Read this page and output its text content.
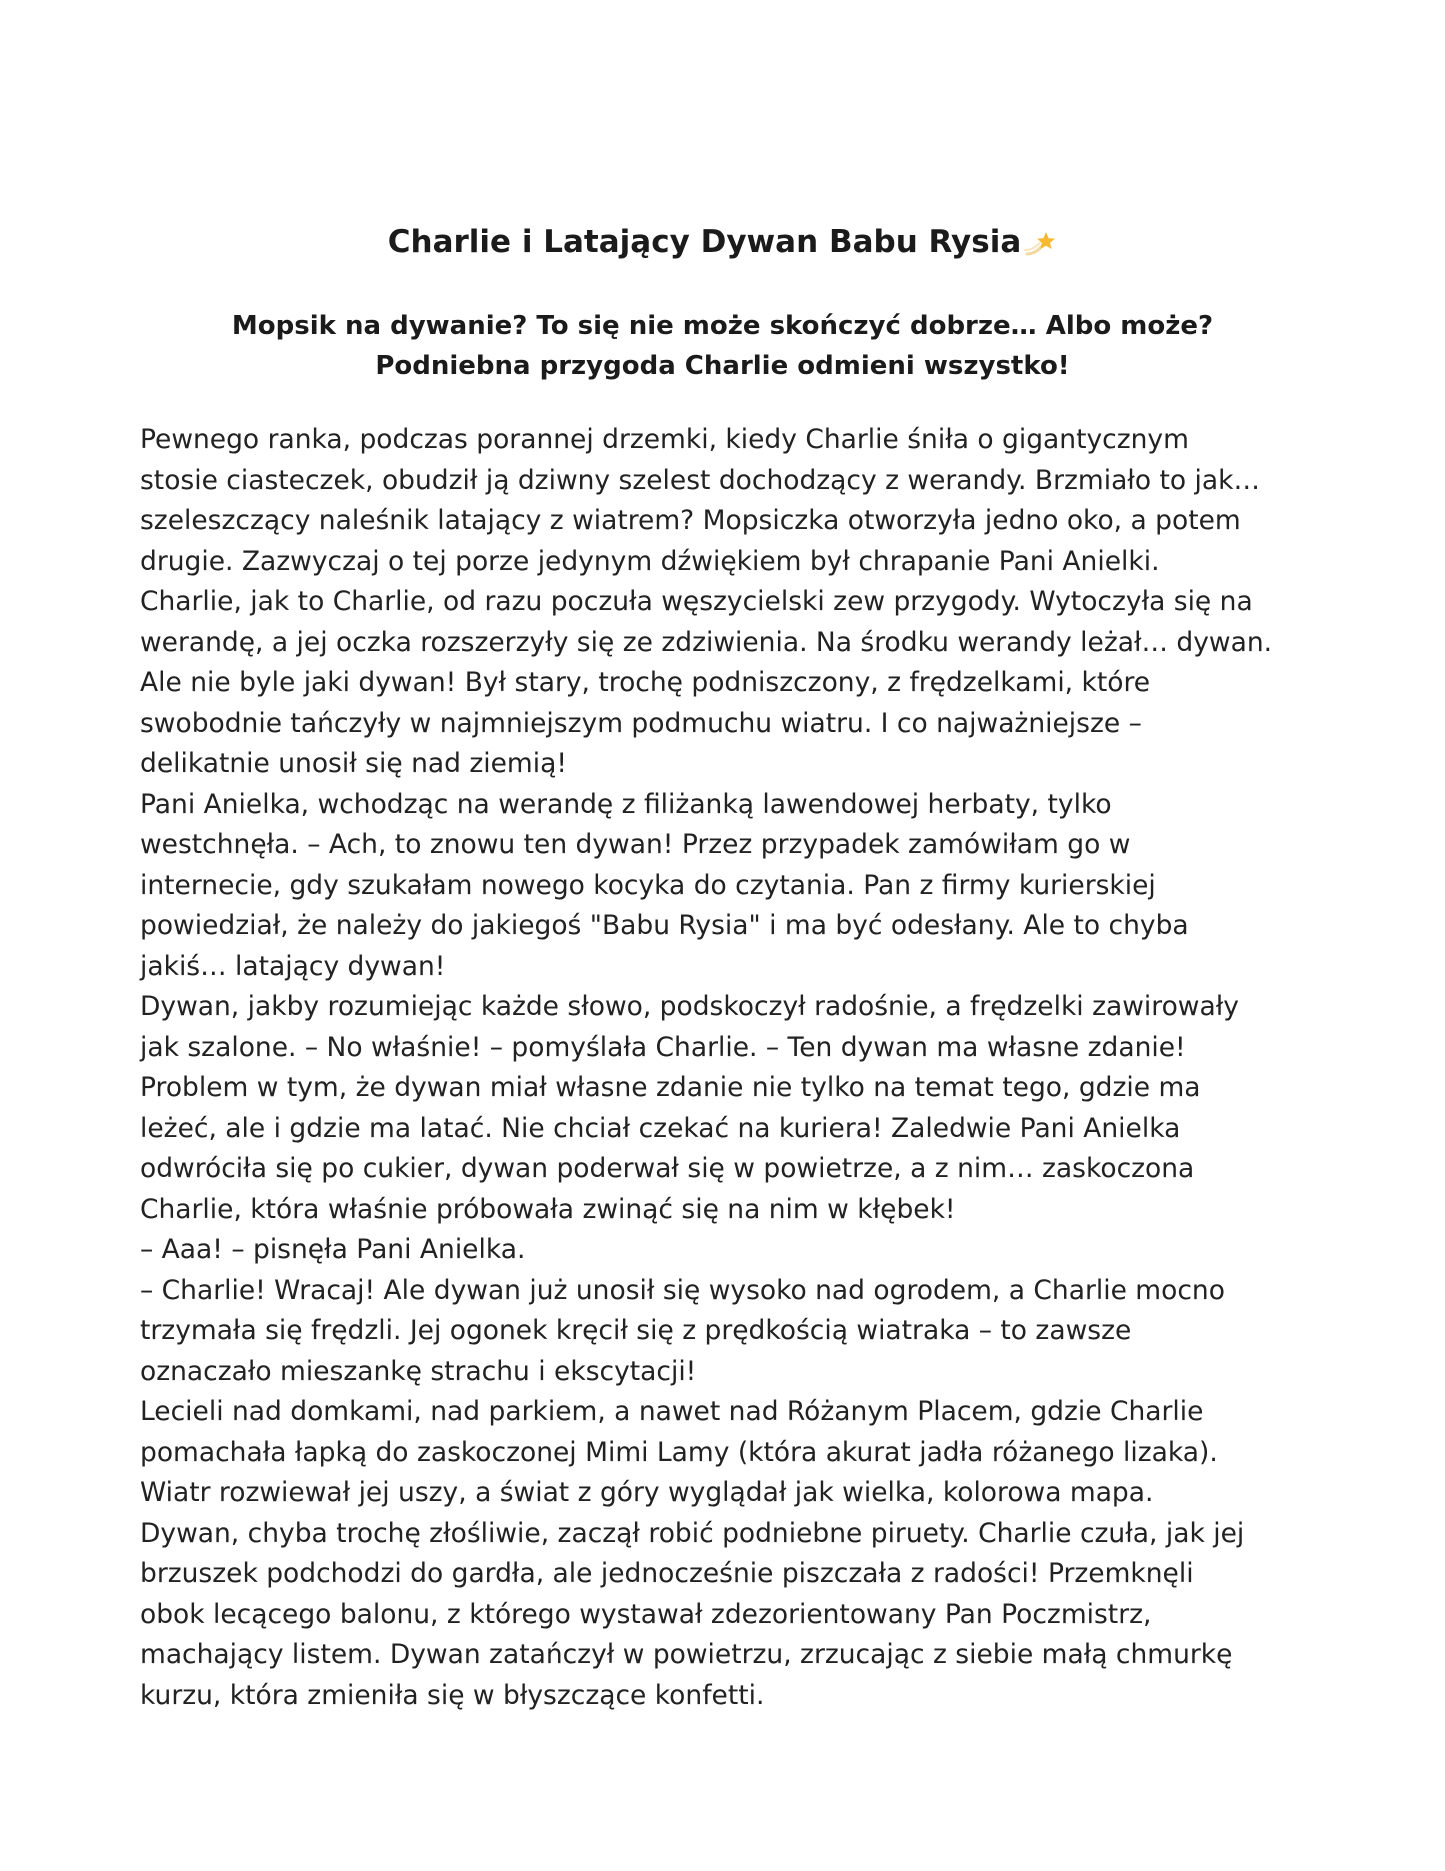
Charlie i Latający Dywan Babu Rysia
Mopsik na dywanie? To się nie może skończyć dobrze… Albo może? Podniebna przygoda Charlie odmieni wszystko!
Pewnego ranka, podczas porannej drzemki, kiedy Charlie śniła o gigantycznym
stosie ciasteczek, obudził ją dziwny szelest dochodzący z werandy. Brzmiało to jak…
szeleszczący naleśnik latający z wiatrem? Mopsiczka otworzyła jedno oko, a potem
drugie. Zazwyczaj o tej porze jedynym dźwiękiem był chrapanie Pani Anielki.
Charlie, jak to Charlie, od razu poczuła węszycielski zew przygody. Wytoczyła się na
werandę, a jej oczka rozszerzyły się ze zdziwienia. Na środku werandy leżał… dywan.
Ale nie byle jaki dywan! Był stary, trochę podniszczony, z frędzelkami, które
swobodnie tańczyły w najmniejszym podmuchu wiatru. I co najważniejsze –
delikatnie unosił się nad ziemią!
Pani Anielka, wchodząc na werandę z filiżanką lawendowej herbaty, tylko
westchnęła. – Ach, to znowu ten dywan! Przez przypadek zamówiłam go w
internecie, gdy szukałam nowego kocyka do czytania. Pan z firmy kurierskiej
powiedział, że należy do jakiegoś "Babu Rysia" i ma być odesłany. Ale to chyba
jakiś… latający dywan!
Dywan, jakby rozumiejąc każde słowo, podskoczył radośnie, a frędzelki zawirowały
jak szalone. – No właśnie! – pomyślała Charlie. – Ten dywan ma własne zdanie!
Problem w tym, że dywan miał własne zdanie nie tylko na temat tego, gdzie ma
leżeć, ale i gdzie ma latać. Nie chciał czekać na kuriera! Zaledwie Pani Anielka
odwróciła się po cukier, dywan poderwał się w powietrze, a z nim… zaskoczona
Charlie, która właśnie próbowała zwinąć się na nim w kłębek!
– Aaa! – pisnęła Pani Anielka.
– Charlie! Wracaj! Ale dywan już unosił się wysoko nad ogrodem, a Charlie mocno
trzymała się frędzli. Jej ogonek kręcił się z prędkością wiatraka – to zawsze
oznaczało mieszankę strachu i ekscytacji!
Lecieli nad domkami, nad parkiem, a nawet nad Różanym Placem, gdzie Charlie
pomachała łapką do zaskoczonej Mimi Lamy (która akurat jadła różanego lizaka).
Wiatr rozwiewał jej uszy, a świat z góry wyglądał jak wielka, kolorowa mapa.
Dywan, chyba trochę złośliwie, zaczął robić podniebne piruety. Charlie czuła, jak jej
brzuszek podchodzi do gardła, ale jednocześnie piszczała z radości! Przemknęli
obok lecącego balonu, z którego wystawał zdezorientowany Pan Poczmistrz,
machający listem. Dywan zatańczył w powietrzu, zrzucając z siebie małą chmurkę
kurzu, która zmieniła się w błyszczące konfetti.
